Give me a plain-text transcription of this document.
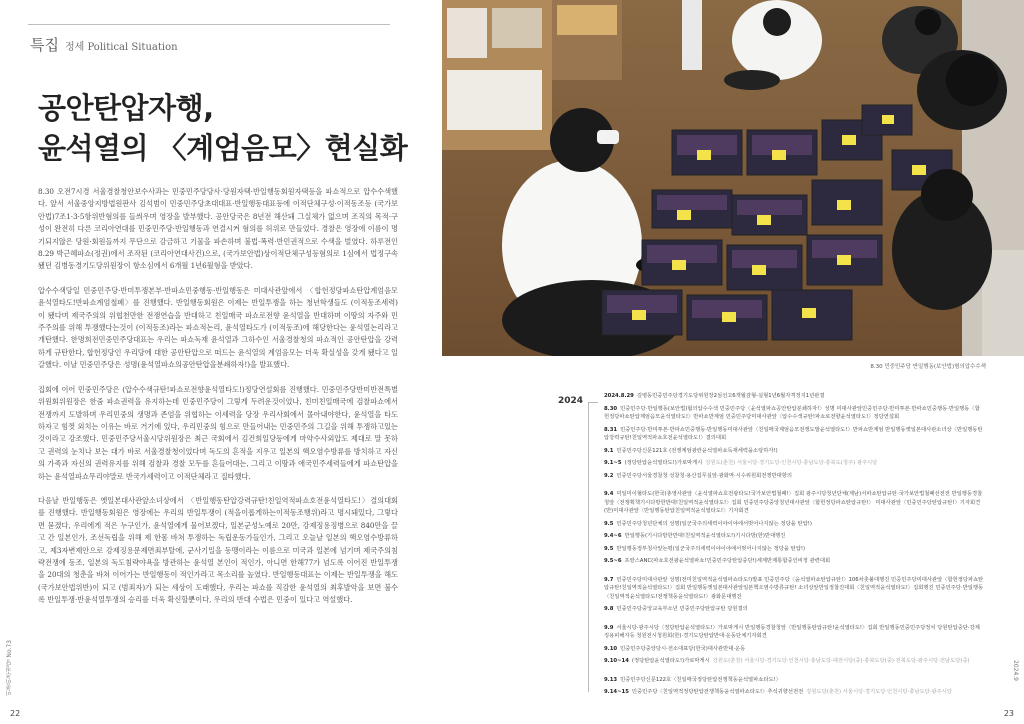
특집 정세 Political Situation
공안탄압자행,
윤석열의 〈계엄음모〉현실화

8.30 오전7시경 서울경찰청안보수사과는 민중민주당당사·당원자택·반일행동회원자택등을 파쇼적으로 압수수색했다. 앞서 서울중앙지방법원판사 김석범이 민중민주당초대대표·반일행동대표등에 이적단체구성·이적동조등 (국가보안법)7조1·3·5항위반혐의를 들씌우며 영장을 발부했다. 공안당국은 8년전 해산돼 그실체가 없으며 조직의 목적·구성이 완전히 다른 코리아연대를 민중민주당·반일행동과 연결시켜 혐의를 허위로 만들었다. 경찰은 영장에 이름이 명기되지않은 당원·회원들까지 무단으로 감금하고 기물을 파손하며 불법·폭력·반민권적으로 수색을 벌였다. 하루전인 8.29 박근혜파쇼(정권)에서 조작된 (코리아연대사건)으로, (국가보안법)상이적단체구성등혐의로 1심에서 법정구속됐던 김병동경기도당위원장이 항소심에서 6개월 1년6월형을 받았다.

압수수색당일 민중민주당·반미투쟁본부·반파쇼민중행동·반일행동은 미대사관앞에서 〈합헌정당파쇼탄압계엄음모윤석열타도!반파쇼계엄철폐〉를 진행했다. 반일행동회원은 이제는 반일투쟁을 하는 청년학생들도 (이적동조세력)이 됐다며 제국주의의 위협천만한 전쟁연습을 반대하고 친일매국 파쇼로전향 윤석열을 반대하며 이땅의 자주와 민주주의를 위해 투쟁했다는것이 (이적동조)라는 파쇼적논리, 윤석열타도가 (이적동조)에 해당한다는 윤석열논리라고 개탄했다. 한명희전민중민주당대표는 우리는 파쇼독재 윤석열과 그하수인 서울경찰청의 파쇼적인 공안탄압을 강력하게 규탄한다, 합헌정당인 우리당에 대한 공안탄압으로 떠드는 윤석열의 계엄음모는 더욱 확실성을 갖게 됐다고 일갈했다. 이날 민중민주당은 성명(윤석열파쇼의공안탄압을분쇄하자!)을 발표했다.

집회에 이어 민중민주당은 (압수수색규탄!파쇼로전향윤석열타도!)정당연설회를 진행했다. 민중민주당반미반전특별위원회위원장은 한줌 파쇼권력을 유지하는데 민중민주당이 그렇게 두려운것이었나, 친미친일매국에 검찰파쇼에서 전쟁까지 도발하며 우리민중의 생명과 존엄을 위협하는 이세력을 당장 우리사회에서 몰아내야한다, 윤석열을 타도하자고 힘껏 외치는 이유는 바로 거기에 있다, 우리민중의 힘으로 만들어내는 민중민주의 그길을 위해 투쟁하고있는것이라고 강조했다. 민중민주당서울시당위원장은 최근 국회에서 김건희일당등에게 마약수사외압도 제대로 말 못하고 권력의 눈치나 보는 대가 바로 서울경찰청이었다며 독도의 흔적을 지우고 일본의 핵오염수방류를 방치하고 자신의 가족과 자신의 권력유지를 위해 검찰과 경찰 모두를 흔들어대는, 그리고 이땅과 애국민주세력들에게 파쇼탄압을 하는 윤석열파쇼무리야말로 반국가세력이고 이적단체라고 질타했다.

다음날 반일행동은 옛일본대사관앞소녀상에서 〈반일행동탄압강력규탄!친일역적파쇼호전윤석열타도!〉결의대회를 진행했다. 반일행동회원은 영장에는 우리의 반일투쟁이 (적을이롭게하는이적동조행위)라고 명시돼있다, 그렇다면 묻겠다, 우리에게 적은 누구인가, 윤석열에게 물어보겠다, 일본군성노예로 20만, 강제징용징병으로 840만을 끌고 간 일본인가, 조선독립을 위해 제 한몸 바쳐 투쟁하는 독립운동가들인가, 그리고 오늘날 일본의 핵오염수방류하고, 제3자변제안으로 강제징용문제면죄부탈에, 군사기밀을 동맹이라는 이름으로 미국과 일본에 넘기며 제국주의침략전쟁에 동조, 일본의 독도침략야욕을 방관하는 윤석열 본인이 적인가, 아니면 한해77가 넘도록 이어진 반일투쟁을 20대의 청춘을 바쳐 이어가는 반일행동이 적인가라고 목소리를 높였다. 반일행동대표는 이제는 반일투쟁을 해도 (국가보안법위반)이 되고 (범죄자)가 되는 세상이 도래했다, 우리는 파쇼를 직감한 윤석열의 최후발악을 보면 불수록 반일투쟁·반윤석열투쟁의 승리를 더욱 확신할뿐이다, 우리의 반대 수법은 민중이 있다고 역설했다.

민중민주정당 No.73
22
2024.9
23
8.30 민중민주당 반일행동(보안법)혐의압수수색
2024	2024.8.29 김병동민중민주당경기도당위원장2심선고6개월감형-실형1년6월자격정지1년판결
8.30 민중민주당·반일행동(보안법)혐의압수수색 민중민주당〈윤석열파쇼공안탄압분쇄하자!〉성명 미대사관앞민중민주당·반미투본·반파쇼민중행동·반일행동〈합헌정당파쇼탄압계엄음모윤석열타도!〉반파쇼반계엄 민중민주당미대사관앞〈압수수색규탄!파쇼로전향윤석열타도!〉정당연설회
8.31 민중민주당·반미투본·반파쇼민중행동·반일행동미대사관앞〈친일매국계엄음모전쟁도발윤석열타도!〉반파쇼반계엄 반일행동옛일본대사관소녀상〈반일행동탄압강력규탄!친일역적파쇼호전윤석열타도!〉결의대회
9.1 민중민주당신문121호 (전쟁계엄광란윤석열파쇼독재세력을소탕하자!)
9.1~5 (정당탄압윤석열타도!)가로막게시 강원도(춘천) 서울시당·경기도당·인천시당·충남도당·충북도(청주) 광주시당
9.2 민중민주당서울경찰청 성찰청·용산집무실앞·광화역·시수위원회전쟁반대항의
9.4 미일미이혈타도(한국)총영사관앞〈윤석열파쇼호전광타도!국가보안법철폐!〉집회 광주시당청년단체(제남)서파쇼탄압규탄·국가보안법철폐선전전 반일행동경찰청앞〈전쟁획책기시다방한반대!친일역적윤석열타도!〉집회 민중민주당중앙청년대사관앞〈합헌정당파쇼탄압규탄!〉 미대사관앞〈민중민주당탄압규탄!〉기자회견(반)미대사관앞〈반일행동탄압친일역적윤석열타도!〉기자회견
9.5 민중민주당청년단체의 성명(일군국주의세력이야이야에서벗어나지않는 정당을 탄압!)
9.4~6 반일행동(기시다방한반대!친일역적윤석열타도!)기시다방(한)반대행진
9.5 반일행동정부청사앞논평(일군국주의세력이야이야에서벗어나지않는 정당을 탄압!)
9.5~6 프랑스ANC(파쇼호전광윤석열파쇼!민중민주당탄압중단!)세계반제통합중인비정 관련대회
9.7 민중민주당미대사관앞 성명(전미친일역적윤석열파쇼타도!)발표 민중민주당〈윤석열파쇼탄압규탄!〉106차촛불대행진 민중민주당미대사관앞〈합헌정당파쇼탄압규탄!친일역적윤석열타도!〉집회 반일행동옛일본대사관앞일본핵오염수방류규탄! 소녀상앞반일정찰진대회〈친일역적윤석열타도!〉집회행진 민중민주당·반일행동〈친일역적윤석열타도!전쟁책동윤석열타도!〉광화문대행진
9.8 민중민주당중앙교육부소년 민중민주당탄압규탄 당원결의
9.9 서울시당·광주시당〈정당탄압윤석열타도!〉가로막게시 반일행동경찰청앞〈반일행동탄압규탄!윤석열타도!〉집회 반일행동민중민주당정치 당원탄압중단·강제징용피해자등 청원전시청원회(한)·경기도당탄압반대·운동단체기자회견
9.10 민중민주당중앙당시·전소대표당(한국)대사관반대·운동
9.10~14 (정당탄압윤석열타도!)가로막게시 강원도(춘천) 서울시당·경기도당·인천시당·충남도당·대전시당(중)·충북도당(중)·전북도당·광주시당·전남도당(중)
9.13 민중민주당신문122호〈친일매국정당탄압전쟁책동윤석열파쇼타도!〉
9.14~15 민중민주당〈친일역적정당탄압전쟁책동윤석열파쇼타도!〉추석귀향선전전 강원도당(춘천) 서울시당·경기도당·인천시당·충남도당·광주시당
